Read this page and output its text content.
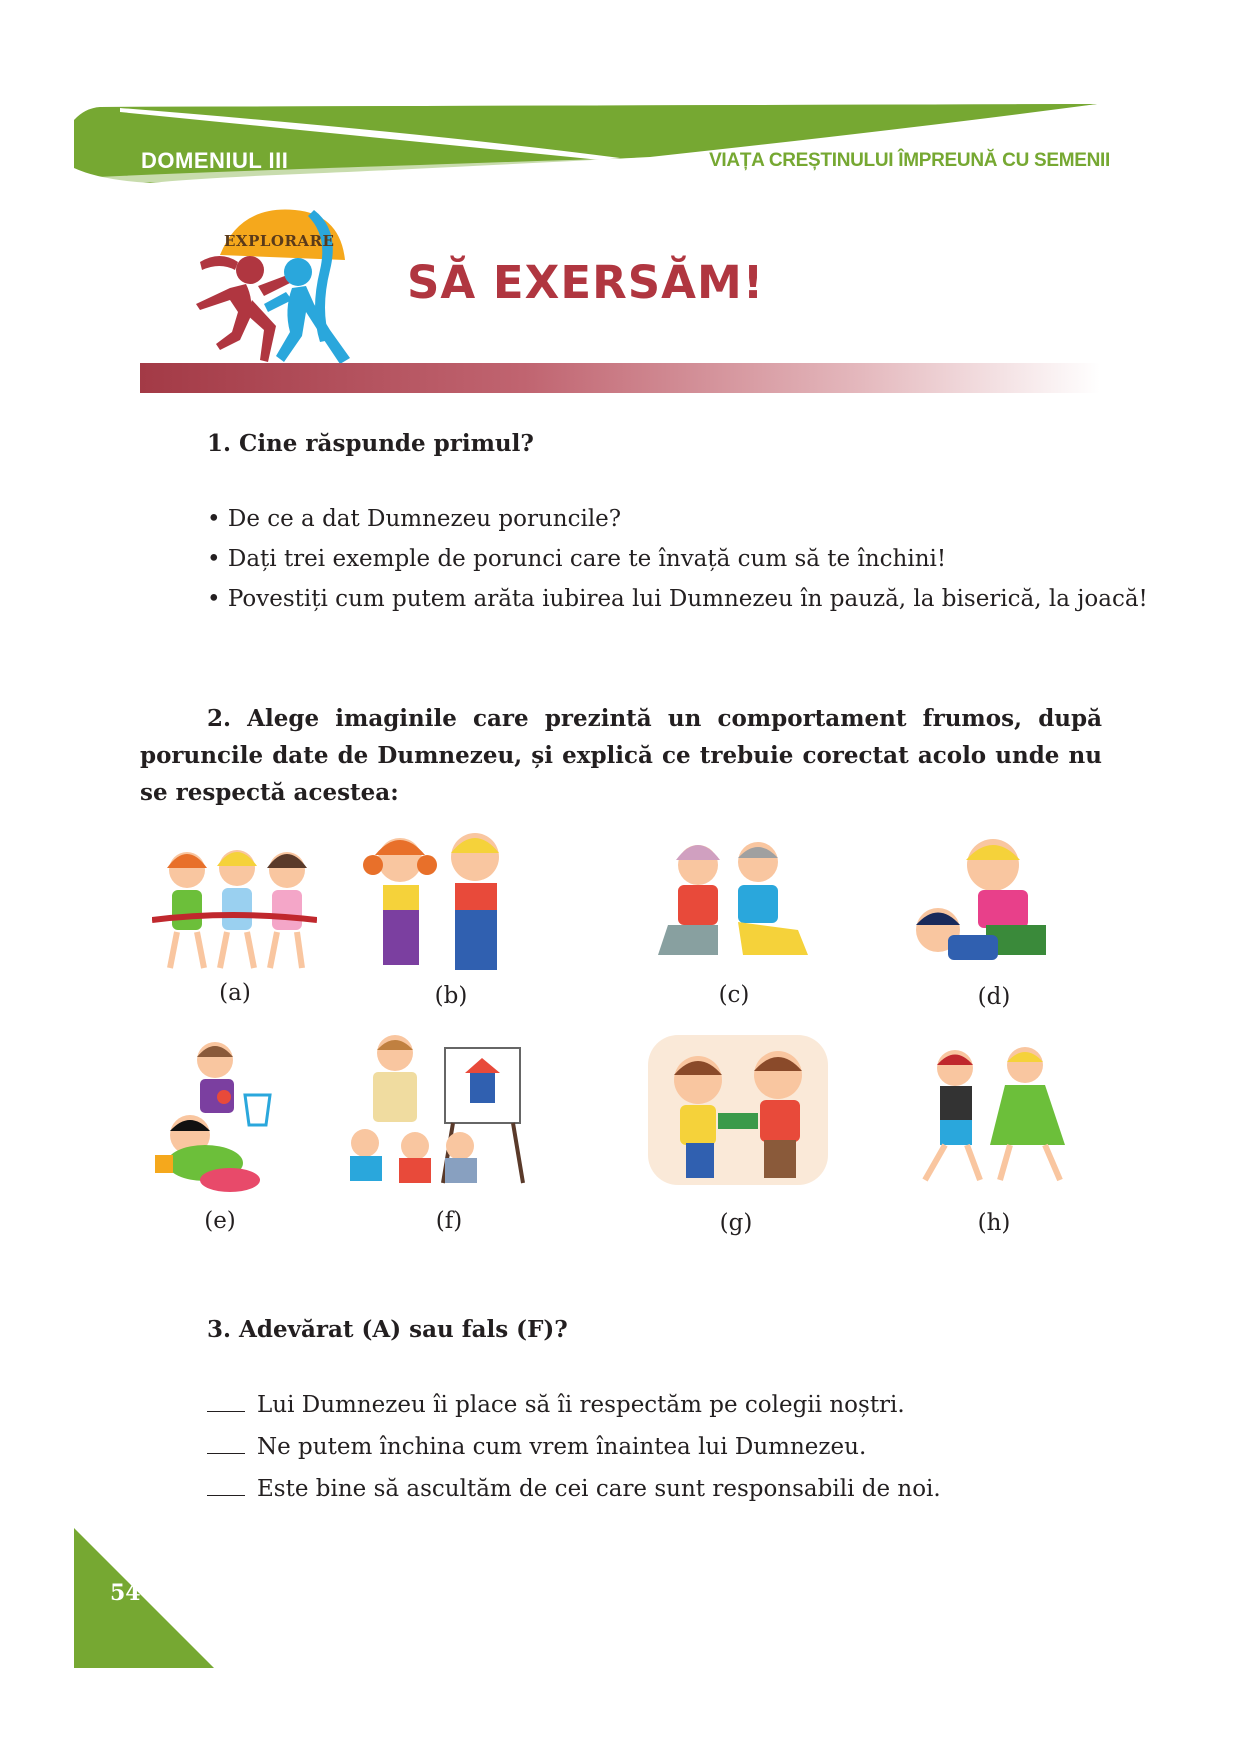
DOMENIUL III	VIAȚA CREȘTINULUI ÎMPREUNĂ CU SEMENII
EXPLORARE
SĂ EXERSĂM!
1. Cine răspunde primul?
• De ce a dat Dumnezeu poruncile?
• Dați trei exemple de porunci care te învață cum să te închini!
• Povestiți cum putem arăta iubirea lui Dumnezeu în pauză, la biserică, la joacă!
2. Alege imaginile care prezintă un comportament frumos, după poruncile date de Dumnezeu, și explică ce trebuie corectat acolo unde nu se respectă acestea:
(a)	(b)	(c)	(d)
(e)	(f)	(g)	(h)
3. Adevărat (A) sau fals (F)?
Lui Dumnezeu îi place să îi respectăm pe colegii noștri.
Ne putem închina cum vrem înaintea lui Dumnezeu.
Este bine să ascultăm de cei care sunt responsabili de noi.
54
